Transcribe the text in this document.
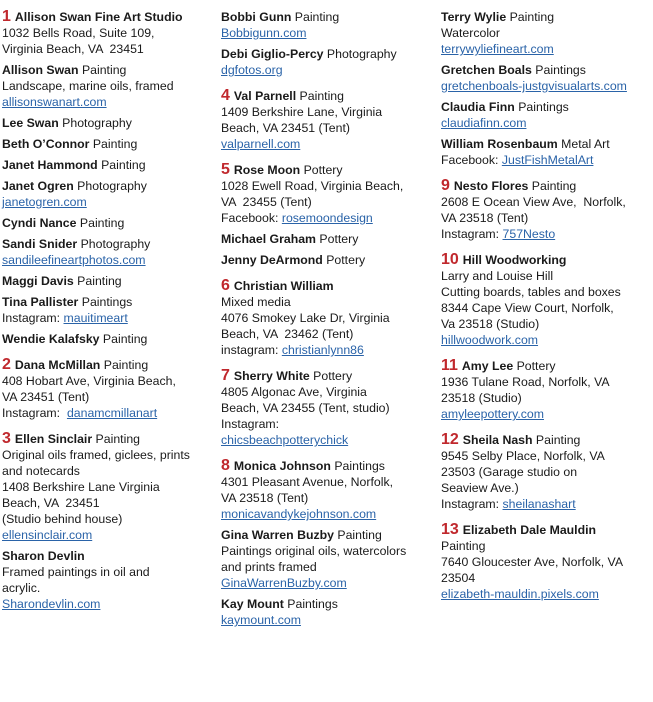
1 Allison Swan Fine Art Studio
1032 Bells Road, Suite 109,
Virginia Beach, VA  23451
Allison Swan Painting
Landscape, marine oils, framed
allisonswanart.com
Lee Swan Photography
Beth O’Connor Painting
Janet Hammond Painting
Janet Ogren Photography
janetogren.com
Cyndi Nance Painting
Sandi Snider Photography
sandileefineartphotos.com
Maggi Davis Painting
Tina Pallister Paintings
Instagram: mauitimeart
Wendie Kalafsky Painting
2 Dana McMillan Painting
408 Hobart Ave, Virginia Beach,
VA 23451 (Tent)
Instagram:  danamcmillanart
3 Ellen Sinclair Painting
Original oils framed, giclees, prints
and notecards
1408 Berkshire Lane Virginia
Beach, VA  23451
(Studio behind house)
ellensinclair.com
Sharon Devlin
Framed paintings in oil and
acrylic.
Sharondevlin.com
Bobbi Gunn Painting
Bobbigunn.com
Debi Giglio-Percy Photography
dgfotos.org
4 Val Parnell Painting
1409 Berkshire Lane, Virginia
Beach, VA 23451 (Tent)
valparnell.com
5 Rose Moon Pottery
1028 Ewell Road, Virginia Beach,
VA  23455 (Tent)
Facebook: rosemoondesign
Michael Graham Pottery
Jenny DeArmond Pottery
6 Christian William
Mixed media
4076 Smokey Lake Dr, Virginia
Beach, VA  23462 (Tent)
instagram: christianlynn86
7 Sherry White Pottery
4805 Algonac Ave, Virginia
Beach, VA 23455 (Tent, studio)
Instagram:
chicsbeachpotterychick
8 Monica Johnson Paintings
4301 Pleasant Avenue, Norfolk,
VA 23518 (Tent)
monicavandykejohnson.com
Gina Warren Buzby Painting
Paintings original oils, watercolors
and prints framed
GinaWarrenBuzby.com
Kay Mount Paintings
kaymount.com
Terry Wylie Painting
Watercolor
terrywyliefineart.com
Gretchen Boals Paintings
gretchenboals-justgvisualarts.com
Claudia Finn Paintings
claudiafinn.com
William Rosenbaum Metal Art
Facebook: JustFishMetalArt
9 Nesto Flores Painting
2608 E Ocean View Ave,  Norfolk,
VA 23518 (Tent)
Instagram: 757Nesto
10 Hill Woodworking
Larry and Louise Hill
Cutting boards, tables and boxes
8344 Cape View Court, Norfolk,
Va 23518 (Studio)
hillwoodwork.com
11 Amy Lee Pottery
1936 Tulane Road, Norfolk, VA
23518 (Studio)
amyleepottery.com
12 Sheila Nash Painting
9545 Selby Place, Norfolk, VA
23503 (Garage studio on
Seaview Ave.)
Instagram: sheilanashart
13 Elizabeth Dale Mauldin
Painting
7640 Gloucester Ave, Norfolk, VA
23504
elizabeth-mauldin.pixels.com
